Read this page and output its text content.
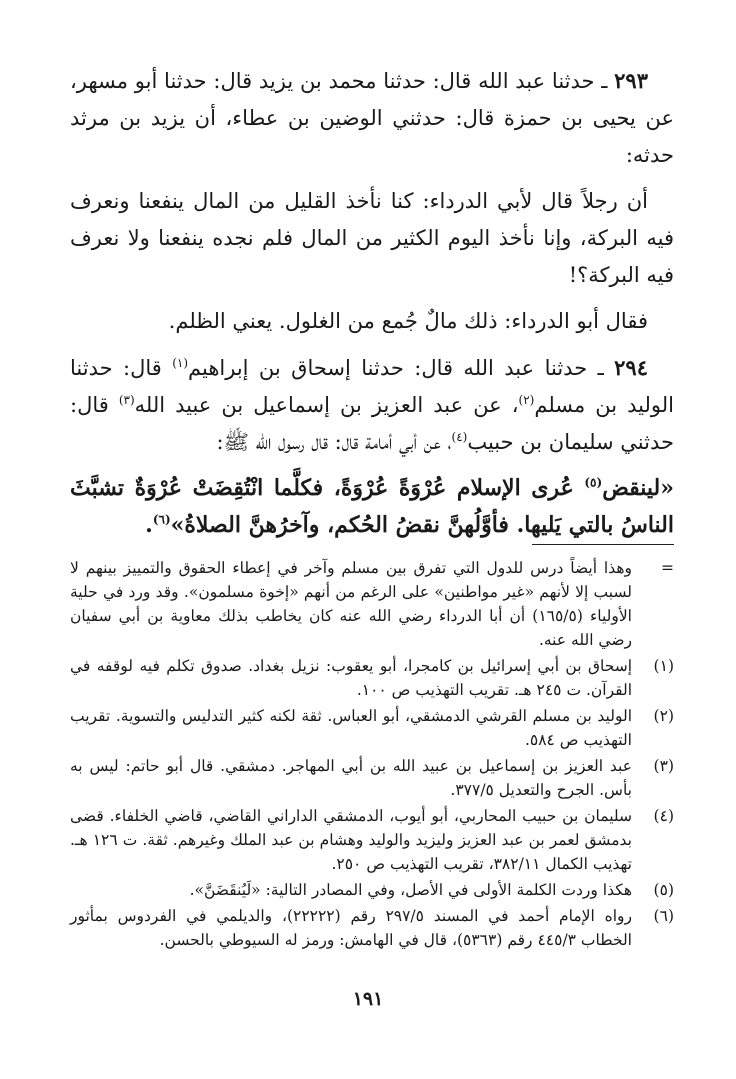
٢٩٣ ـ حدثنا عبد الله قال: حدثنا محمد بن يزيد قال: حدثنا أبو مسهر، عن يحيى بن حمزة قال: حدثني الوضين بن عطاء، أن يزيد بن مرثد حدثه:

أن رجلاً قال لأبي الدرداء: كنا نأخذ القليل من المال ينفعنا ونعرف فيه البركة، وإنا نأخذ اليوم الكثير من المال فلم نجده ينفعنا ولا نعرف فيه البركة؟!

فقال أبو الدرداء: ذلك مالٌ جُمع من الغلول. يعني الظلم.

٢٩٤ ـ حدثنا عبد الله قال: حدثنا إسحاق بن إبراهيم$^{(١)}$ قال: حدثنا الوليد بن مسلم$^{(٢)}$، عن عبد العزيز بن إسماعيل بن عبيد الله$^{(٣)}$ قال: حدثني سليمان بن حبيب$^{(٤)}$، عن أبي أمامة قال: قال رسول الله ﷺ:

«لينقض$^{(٥)}$ عُرى الإسلام عُرْوَةً عُرْوَةً، فكلَّما انْتُقِضَتْ عُرْوَةٌ تشبَّثَ الناسُ بالتي يَليها. فأوَّلُهنَّ نقضُ الحُكم، وآخرُهنَّ الصلاةُ»$^{(٦)}$.

=
وهذا أيضاً درس للدول التي تفرق بين مسلم وآخر في إعطاء الحقوق والتمييز بينهم لا لسبب إلا لأنهم «غير مواطنين» على الرغم من أنهم «إخوة مسلمون». وقد ورد في حلية الأولياء (١٦٥/٥) أن أبا الدرداء رضي الله عنه كان يخاطب بذلك معاوية بن أبي سفيان رضي الله عنه.
(١)
إسحاق بن أبي إسرائيل بن كامجرا، أبو يعقوب: نزيل بغداد. صدوق تكلم فيه لوقفه في القرآن. ت ٢٤٥ هـ. تقريب التهذيب ص ١٠٠.
(٢)
الوليد بن مسلم القرشي الدمشقي، أبو العباس. ثقة لكنه كثير التدليس والتسوية. تقريب التهذيب ص ٥٨٤.
(٣)
عبد العزيز بن إسماعيل بن عبيد الله بن أبي المهاجر. دمشقي. قال أبو حاتم: ليس به بأس. الجرح والتعديل ٣٧٧/٥.
(٤)
سليمان بن حبيب المحاربي، أبو أيوب، الدمشقي الداراني القاضي، قاضي الخلفاء. قضى بدمشق لعمر بن عبد العزيز وليزيد والوليد وهشام بن عبد الملك وغيرهم. ثقة. ت ١٢٦ هـ. تهذيب الكمال ٣٨٢/١١، تقريب التهذيب ص ٢٥٠.
(٥)
هكذا وردت الكلمة الأولى في الأصل، وفي المصادر التالية: «لَيُنقَضَنَّ».
(٦)
رواه الإمام أحمد في المسند ٢٩٧/٥ رقم (٢٢٢٢٢)، والديلمي في الفردوس بمأثور الخطاب ٤٤٥/٣ رقم (٥٣٦٣)، قال في الهامش: ورمز له السيوطي بالحسن.
١٩١
